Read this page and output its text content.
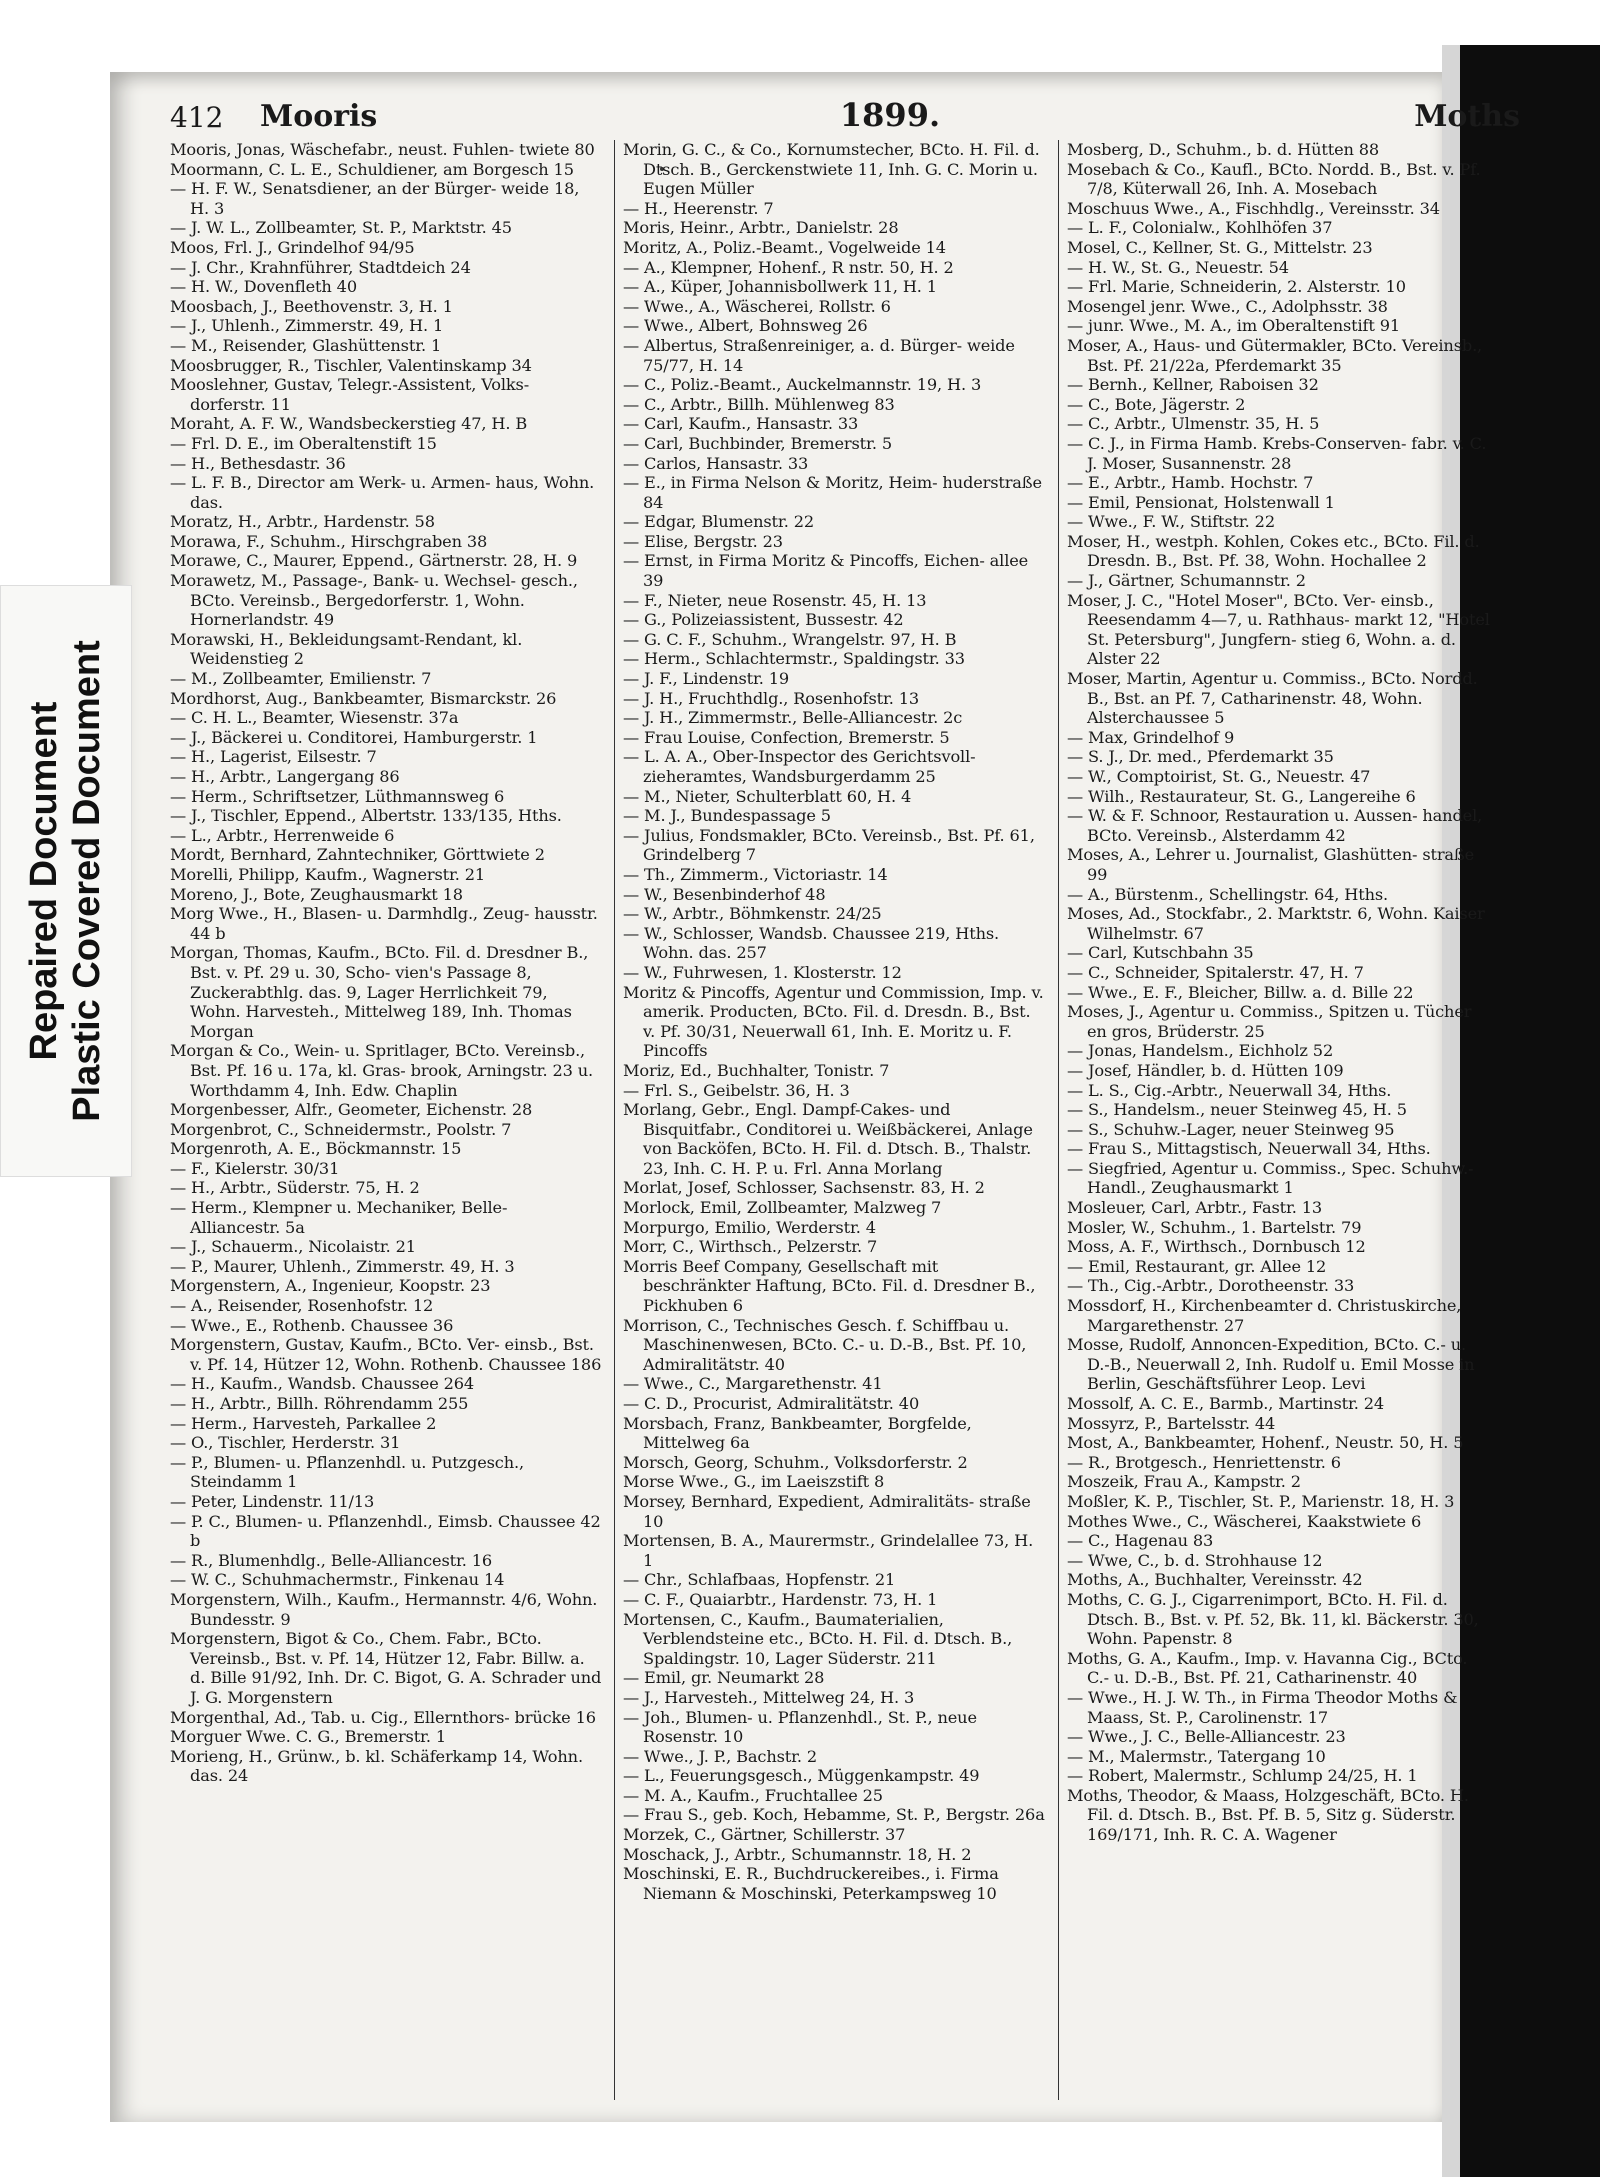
Repaired Document Plastic Covered Document
412	Mooris	1899.	Moths

Mooris, Jonas, Wäschefabr., neust. Fuhlen- twiete 80

Moormann, C. L. E., Schuldiener, am Borgesch 15

— H. F. W., Senatsdiener, an der Bürger- weide 18, H. 3

— J. W. L., Zollbeamter, St. P., Marktstr. 45

Moos, Frl. J., Grindelhof 94/95

— J. Chr., Krahnführer, Stadtdeich 24

— H. W., Dovenfleth 40

Moosbach, J., Beethovenstr. 3, H. 1

— J., Uhlenh., Zimmerstr. 49, H. 1

— M., Reisender, Glashüttenstr. 1

Moosbrugger, R., Tischler, Valentinskamp 34

Mooslehner, Gustav, Telegr.-Assistent, Volks- dorferstr. 11

Moraht, A. F. W., Wandsbeckerstieg 47, H. B

— Frl. D. E., im Oberaltenstift 15

— H., Bethesdastr. 36

— L. F. B., Director am Werk- u. Armen- haus, Wohn. das.

Moratz, H., Arbtr., Hardenstr. 58

Morawa, F., Schuhm., Hirschgraben 38

Morawe, C., Maurer, Eppend., Gärtnerstr. 28, H. 9

Morawetz, M., Passage-, Bank- u. Wechsel- gesch., BCto. Vereinsb., Bergedorferstr. 1, Wohn. Hornerlandstr. 49

Morawski, H., Bekleidungsamt-Rendant, kl. Weidenstieg 2

— M., Zollbeamter, Emilienstr. 7

Mordhorst, Aug., Bankbeamter, Bismarckstr. 26

— C. H. L., Beamter, Wiesenstr. 37a

— J., Bäckerei u. Conditorei, Hamburgerstr. 1

— H., Lagerist, Eilsestr. 7

— H., Arbtr., Langergang 86

— Herm., Schriftsetzer, Lüthmannsweg 6

— J., Tischler, Eppend., Albertstr. 133/135, Hths.

— L., Arbtr., Herrenweide 6

Mordt, Bernhard, Zahntechniker, Görttwiete 2

Morelli, Philipp, Kaufm., Wagnerstr. 21

Moreno, J., Bote, Zeughausmarkt 18

Morg Wwe., H., Blasen- u. Darmhdlg., Zeug- hausstr. 44 b

Morgan, Thomas, Kaufm., BCto. Fil. d. Dresdner B., Bst. v. Pf. 29 u. 30, Scho- vien's Passage 8, Zuckerabthlg. das. 9, Lager Herrlichkeit 79, Wohn. Harvesteh., Mittelweg 189, Inh. Thomas Morgan

Morgan & Co., Wein- u. Spritlager, BCto. Vereinsb., Bst. Pf. 16 u. 17a, kl. Gras- brook, Arningstr. 23 u. Worthdamm 4, Inh. Edw. Chaplin

Morgenbesser, Alfr., Geometer, Eichenstr. 28

Morgenbrot, C., Schneidermstr., Poolstr. 7

Morgenroth, A. E., Böckmannstr. 15

— F., Kielerstr. 30/31

— H., Arbtr., Süderstr. 75, H. 2

— Herm., Klempner u. Mechaniker, Belle- Alliancestr. 5a

— J., Schauerm., Nicolaistr. 21

— P., Maurer, Uhlenh., Zimmerstr. 49, H. 3

Morgenstern, A., Ingenieur, Koopstr. 23

— A., Reisender, Rosenhofstr. 12

— Wwe., E., Rothenb. Chaussee 36

Morgenstern, Gustav, Kaufm., BCto. Ver- einsb., Bst. v. Pf. 14, Hützer 12, Wohn. Rothenb. Chaussee 186

— H., Kaufm., Wandsb. Chaussee 264

— H., Arbtr., Billh. Röhrendamm 255

— Herm., Harvesteh, Parkallee 2

— O., Tischler, Herderstr. 31

— P., Blumen- u. Pflanzenhdl. u. Putzgesch., Steindamm 1

— Peter, Lindenstr. 11/13

— P. C., Blumen- u. Pflanzenhdl., Eimsb. Chaussee 42 b

— R., Blumenhdlg., Belle-Alliancestr. 16

— W. C., Schuhmachermstr., Finkenau 14

Morgenstern, Wilh., Kaufm., Hermannstr. 4/6, Wohn. Bundesstr. 9

Morgenstern, Bigot & Co., Chem. Fabr., BCto. Vereinsb., Bst. v. Pf. 14, Hützer 12, Fabr. Billw. a. d. Bille 91/92, Inh. Dr. C. Bigot, G. A. Schrader und J. G. Morgenstern

Morgenthal, Ad., Tab. u. Cig., Ellernthors- brücke 16

Morguer Wwe. C. G., Bremerstr. 1

Morieng, H., Grünw., b. kl. Schäferkamp 14, Wohn. das. 24

Morin, G. C., & Co., Kornumstecher, BCto. H. Fil. d. Dtsch. B., Gerckenstwiete 11, Inh. G. C. Morin u. Eugen Müller

— H., Heerenstr. 7

Moris, Heinr., Arbtr., Danielstr. 28

Moritz, A., Poliz.-Beamt., Vogelweide 14

— A., Klempner, Hohenf., R nstr. 50, H. 2

— A., Küper, Johannisbollwerk 11, H. 1

— Wwe., A., Wäscherei, Rollstr. 6

— Wwe., Albert, Bohnsweg 26

— Albertus, Straßenreiniger, a. d. Bürger- weide 75/77, H. 14

— C., Poliz.-Beamt., Auckelmannstr. 19, H. 3

— C., Arbtr., Billh. Mühlenweg 83

— Carl, Kaufm., Hansastr. 33

— Carl, Buchbinder, Bremerstr. 5

— Carlos, Hansastr. 33

— E., in Firma Nelson & Moritz, Heim- huderstraße 84

— Edgar, Blumenstr. 22

— Elise, Bergstr. 23

— Ernst, in Firma Moritz & Pincoffs, Eichen- allee 39

— F., Nieter, neue Rosenstr. 45, H. 13

— G., Polizeiassistent, Bussestr. 42

— G. C. F., Schuhm., Wrangelstr. 97, H. B

— Herm., Schlachtermstr., Spaldingstr. 33

— J. F., Lindenstr. 19

— J. H., Fruchthdlg., Rosenhofstr. 13

— J. H., Zimmermstr., Belle-Alliancestr. 2c

— Frau Louise, Confection, Bremerstr. 5

— L. A. A., Ober-Inspector des Gerichtsvoll- zieheramtes, Wandsburgerdamm 25

— M., Nieter, Schulterblatt 60, H. 4

— M. J., Bundespassage 5

— Julius, Fondsmakler, BCto. Vereinsb., Bst. Pf. 61, Grindelberg 7

— Th., Zimmerm., Victoriastr. 14

— W., Besenbinderhof 48

— W., Arbtr., Böhmkenstr. 24/25

— W., Schlosser, Wandsb. Chaussee 219, Hths. Wohn. das. 257

— W., Fuhrwesen, 1. Klosterstr. 12

Moritz & Pincoffs, Agentur und Commission, Imp. v. amerik. Producten, BCto. Fil. d. Dresdn. B., Bst. v. Pf. 30/31, Neuerwall 61, Inh. E. Moritz u. F. Pincoffs

Moriz, Ed., Buchhalter, Tonistr. 7

— Frl. S., Geibelstr. 36, H. 3

Morlang, Gebr., Engl. Dampf-Cakes- und Bisquitfabr., Conditorei u. Weißbäckerei, Anlage von Backöfen, BCto. H. Fil. d. Dtsch. B., Thalstr. 23, Inh. C. H. P. u. Frl. Anna Morlang

Morlat, Josef, Schlosser, Sachsenstr. 83, H. 2

Morlock, Emil, Zollbeamter, Malzweg 7

Morpurgo, Emilio, Werderstr. 4

Morr, C., Wirthsch., Pelzerstr. 7

Morris Beef Company, Gesellschaft mit beschränkter Haftung, BCto. Fil. d. Dresdner B., Pickhuben 6

Morrison, C., Technisches Gesch. f. Schiffbau u. Maschinenwesen, BCto. C.- u. D.-B., Bst. Pf. 10, Admiralitätstr. 40

— Wwe., C., Margarethenstr. 41

— C. D., Procurist, Admiralitätstr. 40

Morsbach, Franz, Bankbeamter, Borgfelde, Mittelweg 6a

Morsch, Georg, Schuhm., Volksdorferstr. 2

Morse Wwe., G., im Laeiszstift 8

Morsey, Bernhard, Expedient, Admiralitäts- straße 10

Mortensen, B. A., Maurermstr., Grindelallee 73, H. 1

— Chr., Schlafbaas, Hopfenstr. 21

— C. F., Quaiarbtr., Hardenstr. 73, H. 1

Mortensen, C., Kaufm., Baumaterialien, Verblendsteine etc., BCto. H. Fil. d. Dtsch. B., Spaldingstr. 10, Lager Süderstr. 211

— Emil, gr. Neumarkt 28

— J., Harvesteh., Mittelweg 24, H. 3

— Joh., Blumen- u. Pflanzenhdl., St. P., neue Rosenstr. 10

— Wwe., J. P., Bachstr. 2

— L., Feuerungsgesch., Müggenkampstr. 49

— M. A., Kaufm., Fruchtallee 25

— Frau S., geb. Koch, Hebamme, St. P., Bergstr. 26a

Morzek, C., Gärtner, Schillerstr. 37

Moschack, J., Arbtr., Schumannstr. 18, H. 2

Moschinski, E. R., Buchdruckereibes., i. Firma Niemann & Moschinski, Peterkampsweg 10

Mosberg, D., Schuhm., b. d. Hütten 88

Mosebach & Co., Kaufl., BCto. Nordd. B., Bst. v. Pf. 7/8, Küterwall 26, Inh. A. Mosebach

Moschuus Wwe., A., Fischhdlg., Vereinsstr. 34

— L. F., Colonialw., Kohlhöfen 37

Mosel, C., Kellner, St. G., Mittelstr. 23

— H. W., St. G., Neuestr. 54

— Frl. Marie, Schneiderin, 2. Alsterstr. 10

Mosengel jenr. Wwe., C., Adolphsstr. 38

— junr. Wwe., M. A., im Oberaltenstift 91

Moser, A., Haus- und Gütermakler, BCto. Vereinsb., Bst. Pf. 21/22a, Pferdemarkt 35

— Bernh., Kellner, Raboisen 32

— C., Bote, Jägerstr. 2

— C., Arbtr., Ulmenstr. 35, H. 5

— C. J., in Firma Hamb. Krebs-Conserven- fabr. v. C. J. Moser, Susannenstr. 28

— E., Arbtr., Hamb. Hochstr. 7

— Emil, Pensionat, Holstenwall 1

— Wwe., F. W., Stiftstr. 22

Moser, H., westph. Kohlen, Cokes etc., BCto. Fil. d. Dresdn. B., Bst. Pf. 38, Wohn. Hochallee 2

— J., Gärtner, Schumannstr. 2

Moser, J. C., "Hotel Moser", BCto. Ver- einsb., Reesendamm 4—7, u. Rathhaus- markt 12, "Hotel St. Petersburg", Jungfern- stieg 6, Wohn. a. d. Alster 22

Moser, Martin, Agentur u. Commiss., BCto. Nordd. B., Bst. an Pf. 7, Catharinenstr. 48, Wohn. Alsterchaussee 5

— Max, Grindelhof 9

— S. J., Dr. med., Pferdemarkt 35

— W., Comptoirist, St. G., Neuestr. 47

— Wilh., Restaurateur, St. G., Langereihe 6

— W. & F. Schnoor, Restauration u. Aussen- handel, BCto. Vereinsb., Alsterdamm 42

Moses, A., Lehrer u. Journalist, Glashütten- straße 99

— A., Bürstenm., Schellingstr. 64, Hths.

Moses, Ad., Stockfabr., 2. Marktstr. 6, Wohn. Kaiser Wilhelmstr. 67

— Carl, Kutschbahn 35

— C., Schneider, Spitalerstr. 47, H. 7

— Wwe., E. F., Bleicher, Billw. a. d. Bille 22

Moses, J., Agentur u. Commiss., Spitzen u. Tücher en gros, Brüderstr. 25

— Jonas, Handelsm., Eichholz 52

— Josef, Händler, b. d. Hütten 109

— L. S., Cig.-Arbtr., Neuerwall 34, Hths.

— S., Handelsm., neuer Steinweg 45, H. 5

— S., Schuhw.-Lager, neuer Steinweg 95

— Frau S., Mittagstisch, Neuerwall 34, Hths.

— Siegfried, Agentur u. Commiss., Spec. Schuhw.-Handl., Zeughausmarkt 1

Mosleuer, Carl, Arbtr., Fastr. 13

Mosler, W., Schuhm., 1. Bartelstr. 79

Moss, A. F., Wirthsch., Dornbusch 12

— Emil, Restaurant, gr. Allee 12

— Th., Cig.-Arbtr., Dorotheenstr. 33

Mossdorf, H., Kirchenbeamter d. Christuskirche, Margarethenstr. 27

Mosse, Rudolf, Annoncen-Expedition, BCto. C.- u. D.-B., Neuerwall 2, Inh. Rudolf u. Emil Mosse in Berlin, Geschäftsführer Leop. Levi

Mossolf, A. C. E., Barmb., Martinstr. 24

Mossyrz, P., Bartelsstr. 44

Most, A., Bankbeamter, Hohenf., Neustr. 50, H. 5

— R., Brotgesch., Henriettenstr. 6

Moszeik, Frau A., Kampstr. 2

Moßler, K. P., Tischler, St. P., Marienstr. 18, H. 3

Mothes Wwe., C., Wäscherei, Kaakstwiete 6

— C., Hagenau 83

— Wwe, C., b. d. Strohhause 12

Moths, A., Buchhalter, Vereinsstr. 42

Moths, C. G. J., Cigarrenimport, BCto. H. Fil. d. Dtsch. B., Bst. v. Pf. 52, Bk. 11, kl. Bäckerstr. 30, Wohn. Papenstr. 8

Moths, G. A., Kaufm., Imp. v. Havanna Cig., BCto. C.- u. D.-B., Bst. Pf. 21, Catharinenstr. 40

— Wwe., H. J. W. Th., in Firma Theodor Moths & Maass, St. P., Carolinenstr. 17

— Wwe., J. C., Belle-Alliancestr. 23

— M., Malermstr., Tatergang 10

— Robert, Malermstr., Schlump 24/25, H. 1

Moths, Theodor, & Maass, Holzgeschäft, BCto. H. Fil. d. Dtsch. B., Bst. Pf. B. 5, Sitz g. Süderstr. 169/171, Inh. R. C. A. Wagener
